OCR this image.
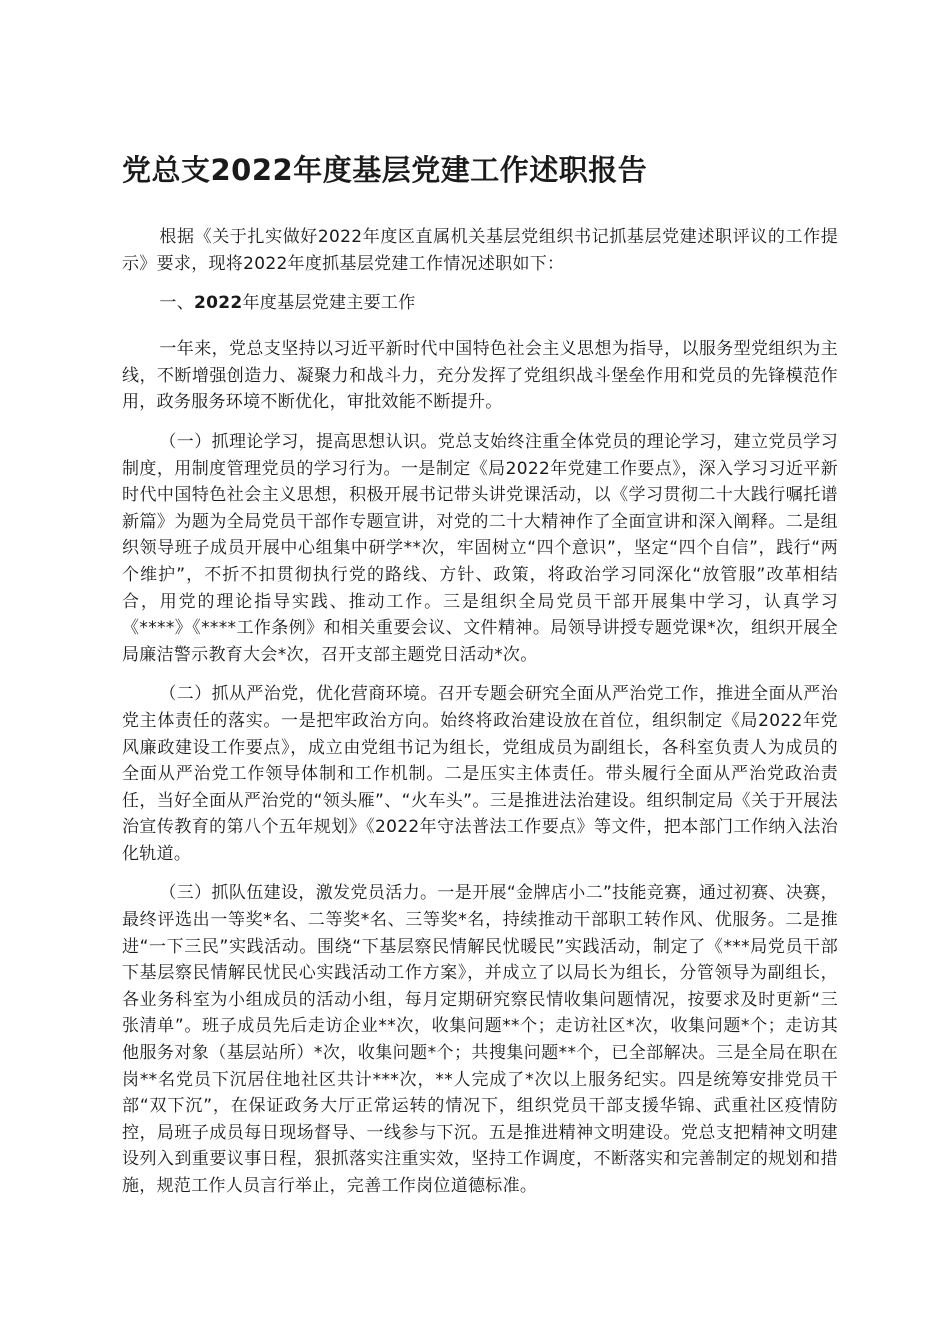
党总支2022年度基层党建工作述职报告

根据《关于扎实做好2022年度区直属机关基层党组织书记抓基层党建述职评议的工作提示》要求，现将2022年度抓基层党建工作情况述职如下：

一、2022年度基层党建主要工作

一年来，党总支坚持以习近平新时代中国特色社会主义思想为指导，以服务型党组织为主线，不断增强创造力、凝聚力和战斗力，充分发挥了党组织战斗堡垒作用和党员的先锋模范作用，政务服务环境不断优化，审批效能不断提升。

（一）抓理论学习，提高思想认识。党总支始终注重全体党员的理论学习，建立党员学习制度，用制度管理党员的学习行为。一是制定《局2022年党建工作要点》，深入学习习近平新时代中国特色社会主义思想，积极开展书记带头讲党课活动，以《学习贯彻二十大践行嘱托谱新篇》为题为全局党员干部作专题宣讲，对党的二十大精神作了全面宣讲和深入阐释。二是组织领导班子成员开展中心组集中研学**次，牢固树立“四个意识”，坚定“四个自信”，践行“两个维护”，不折不扣贯彻执行党的路线、方针、政策，将政治学习同深化“放管服”改革相结合，用党的理论指导实践、推动工作。三是组织全局党员干部开展集中学习，认真学习《****》《****工作条例》和相关重要会议、文件精神。局领导讲授专题党课*次，组织开展全局廉洁警示教育大会*次，召开支部主题党日活动*次。

（二）抓从严治党，优化营商环境。召开专题会研究全面从严治党工作，推进全面从严治党主体责任的落实。一是把牢政治方向。始终将政治建设放在首位，组织制定《局2022年党风廉政建设工作要点》，成立由党组书记为组长，党组成员为副组长，各科室负责人为成员的全面从严治党工作领导体制和工作机制。二是压实主体责任。带头履行全面从严治党政治责任，当好全面从严治党的“领头雁”、“火车头”。三是推进法治建设。组织制定局《关于开展法治宣传教育的第八个五年规划》《2022年守法普法工作要点》等文件，把本部门工作纳入法治化轨道。

（三）抓队伍建设，激发党员活力。一是开展“金牌店小二”技能竞赛，通过初赛、决赛，最终评选出一等奖*名、二等奖*名、三等奖*名，持续推动干部职工转作风、优服务。二是推进“一下三民”实践活动。围绕“下基层察民情解民忧暖民”实践活动，制定了《***局党员干部下基层察民情解民忧民心实践活动工作方案》，并成立了以局长为组长，分管领导为副组长，各业务科室为小组成员的活动小组，每月定期研究察民情收集问题情况，按要求及时更新“三张清单”。班子成员先后走访企业**次，收集问题**个；走访社区*次，收集问题*个；走访其他服务对象（基层站所）*次，收集问题*个；共搜集问题**个，已全部解决。三是全局在职在岗**名党员下沉居住地社区共计***次，**人完成了*次以上服务纪实。四是统筹安排党员干部“双下沉”，在保证政务大厅正常运转的情况下，组织党员干部支援华锦、武重社区疫情防控，局班子成员每日现场督导、一线参与下沉。五是推进精神文明建设。党总支把精神文明建设列入到重要议事日程，狠抓落实注重实效，坚持工作调度，不断落实和完善制定的规划和措施，规范工作人员言行举止，完善工作岗位道德标准。
